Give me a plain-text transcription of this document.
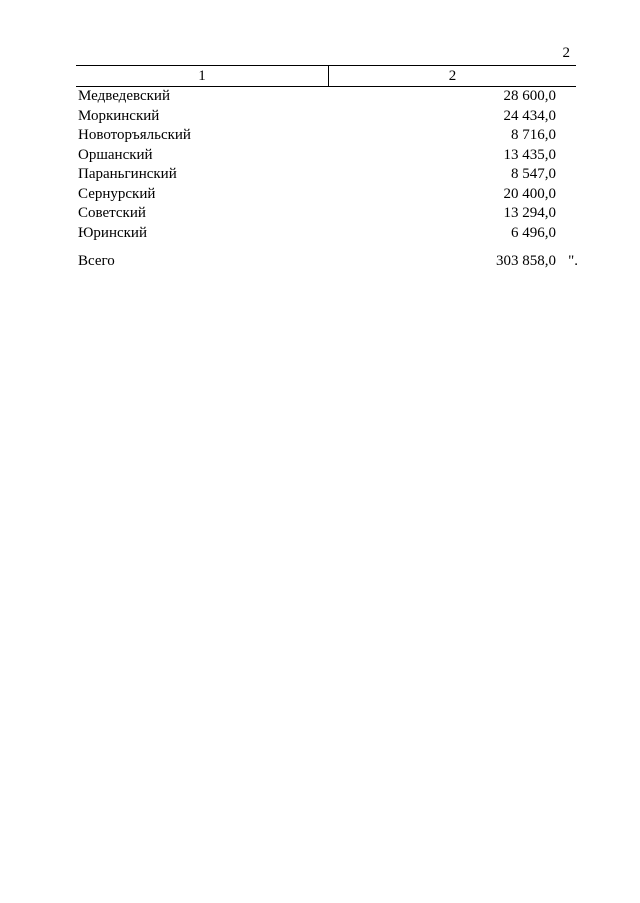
2
1	2
Медведевский	28 600,0
Моркинский	24 434,0
Новоторъяльский	8 716,0
Оршанский	13 435,0
Параньгинский	8 547,0
Сернурский	20 400,0
Советский	13 294,0
Юринский	6 496,0
Всего	303 858,0 ".
